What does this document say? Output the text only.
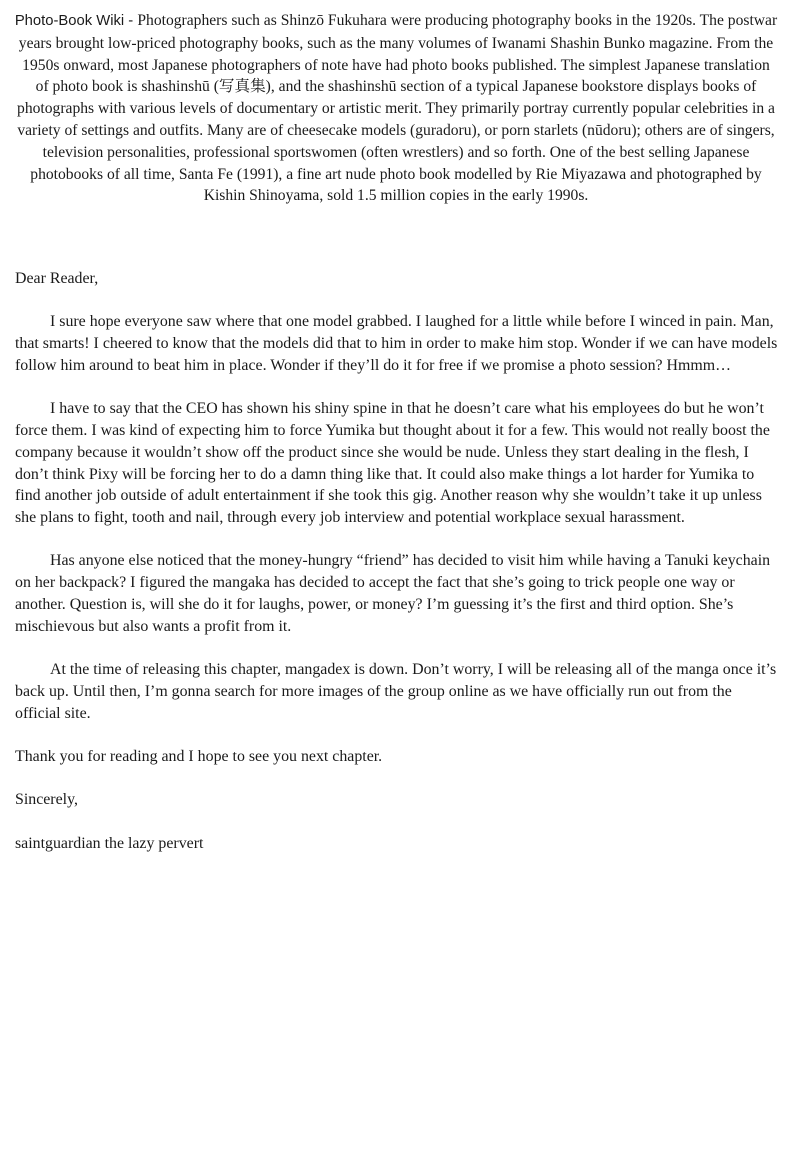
Photo-Book Wiki - Photographers such as Shinzō Fukuhara were producing photography books in the 1920s. The postwar years brought low-priced photography books, such as the many volumes of Iwanami Shashin Bunko magazine. From the 1950s onward, most Japanese photographers of note have had photo books published. The simplest Japanese translation of photo book is shashinshū (写真集), and the shashinshū section of a typical Japanese bookstore displays books of photographs with various levels of documentary or artistic merit. They primarily portray currently popular celebrities in a variety of settings and outfits. Many are of cheesecake models (guradoru), or porn starlets (nūdoru); others are of singers, television personalities, professional sportswomen (often wrestlers) and so forth. One of the best selling Japanese photobooks of all time, Santa Fe (1991), a fine art nude photo book modelled by Rie Miyazawa and photographed by Kishin Shinoyama, sold 1.5 million copies in the early 1990s.

Dear Reader,

I sure hope everyone saw where that one model grabbed. I laughed for a little while before I winced in pain. Man, that smarts! I cheered to know that the models did that to him in order to make him stop. Wonder if we can have models follow him around to beat him in place. Wonder if they’ll do it for free if we promise a photo session? Hmmm…

I have to say that the CEO has shown his shiny spine in that he doesn’t care what his employees do but he won’t force them. I was kind of expecting him to force Yumika but thought about it for a few. This would not really boost the company because it wouldn’t show off the product since she would be nude. Unless they start dealing in the flesh, I don’t think Pixy will be forcing her to do a damn thing like that. It could also make things a lot harder for Yumika to find another job outside of adult entertainment if she took this gig. Another reason why she wouldn’t take it up unless she plans to fight, tooth and nail, through every job interview and potential workplace sexual harassment.

Has anyone else noticed that the money-hungry “friend” has decided to visit him while having a Tanuki keychain on her backpack? I figured the mangaka has decided to accept the fact that she’s going to trick people one way or another. Question is, will she do it for laughs, power, or money? I’m guessing it’s the first and third option. She’s mischievous but also wants a profit from it.

At the time of releasing this chapter, mangadex is down. Don’t worry, I will be releasing all of the manga once it’s back up. Until then, I’m gonna search for more images of the group online as we have officially run out from the official site.

Thank you for reading and I hope to see you next chapter.

Sincerely,

saintguardian the lazy pervert
